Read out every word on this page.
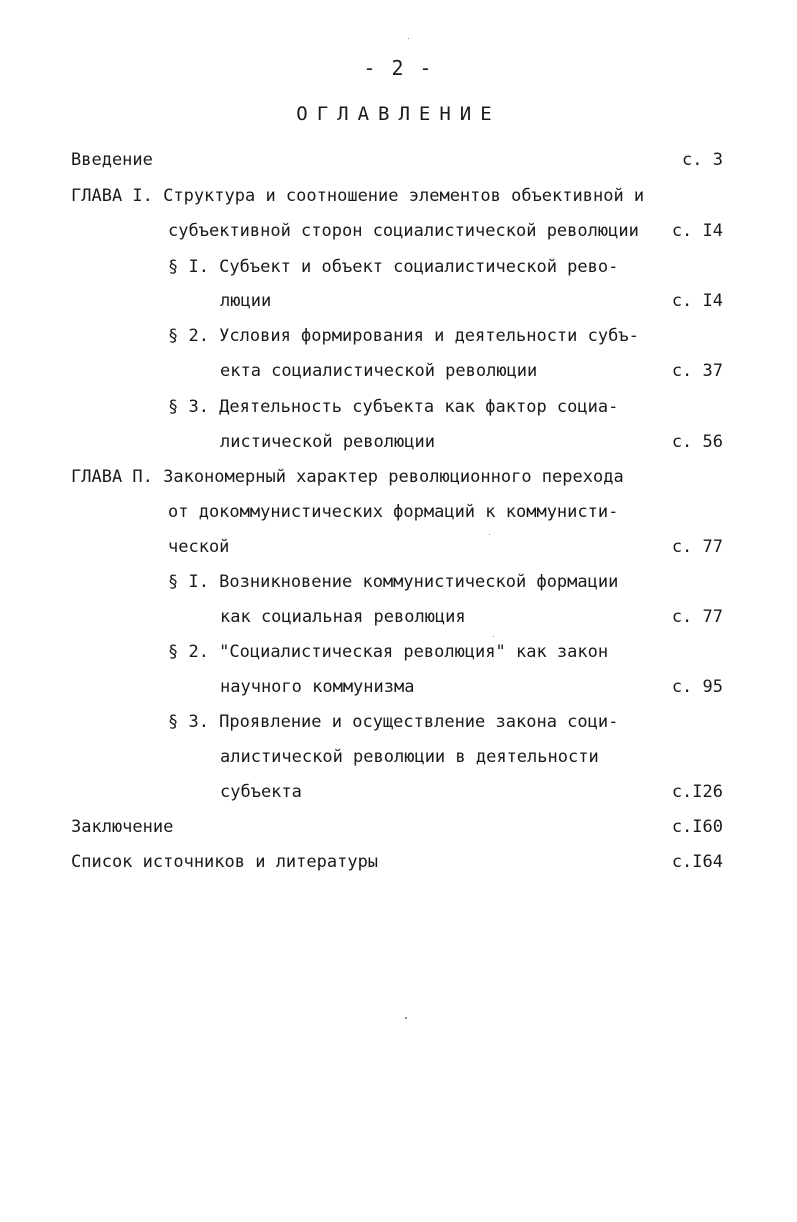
- 2 -
ОГЛАВЛЕНИЕ
Введение	с. 3
ГЛАВА I. Структура и соотношение элементов объективной и
субъективной сторон социалистической революции с. I4
§ I. Субъект и объект социалистической рево-
люции	с. I4
§ 2. Условия формирования и деятельности субъ-
екта социалистической революции	с. 37
§ 3. Деятельность субъекта как фактор социа-
листической революции	с. 56
ГЛАВА П. Закономерный характер революционного перехода
от докоммунистических формаций к коммунисти-
ческой	с. 77
§ I. Возникновение коммунистической формации
как социальная революция	с. 77
§ 2. "Социалистическая революция" как закон
научного коммунизма	с. 95
§ 3. Проявление и осуществление закона соци-
алистической революции в деятельности
субъекта	с.I26
Заключение	с.I60
Список источников и литературы	с.I64
